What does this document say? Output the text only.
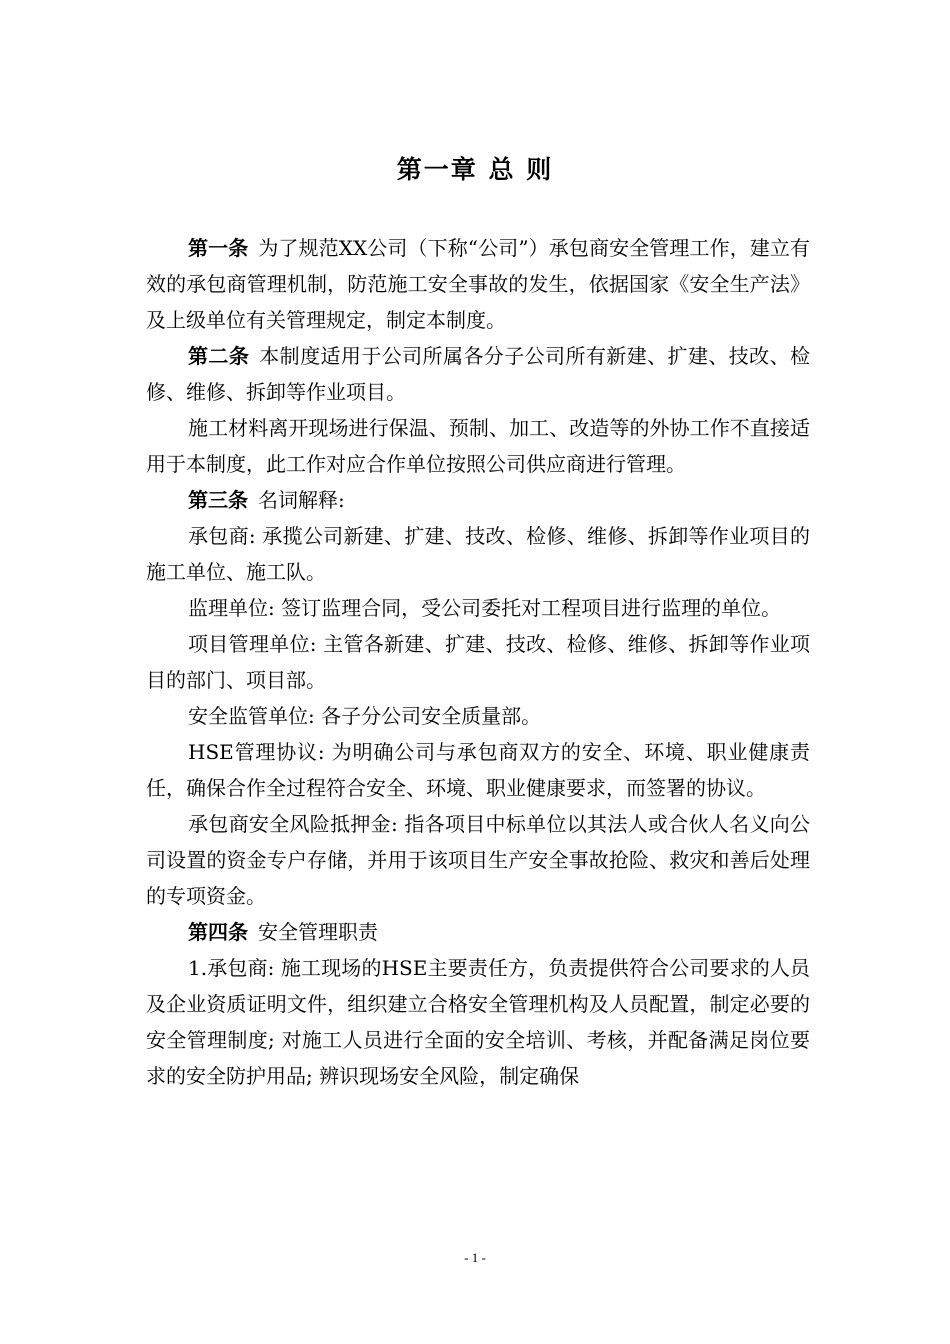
第一章 总 则

第一条 为了规范XX公司（下称“公司”）承包商安全管理工作，建立有效的承包商管理机制，防范施工安全事故的发生，依据国家《安全生产法》及上级单位有关管理规定，制定本制度。

第二条 本制度适用于公司所属各分子公司所有新建、扩建、技改、检修、维修、拆卸等作业项目。

施工材料离开现场进行保温、预制、加工、改造等的外协工作不直接适用于本制度，此工作对应合作单位按照公司供应商进行管理。

第三条 名词解释:

承包商: 承揽公司新建、扩建、技改、检修、维修、拆卸等作业项目的施工单位、施工队。

监理单位: 签订监理合同，受公司委托对工程项目进行监理的单位。

项目管理单位: 主管各新建、扩建、技改、检修、维修、拆卸等作业项目的部门、项目部。

安全监管单位: 各子分公司安全质量部。

HSE管理协议: 为明确公司与承包商双方的安全、环境、职业健康责任，确保合作全过程符合安全、环境、职业健康要求，而签署的协议。

承包商安全风险抵押金: 指各项目中标单位以其法人或合伙人名义向公司设置的资金专户存储，并用于该项目生产安全事故抢险、救灾和善后处理的专项资金。

第四条 安全管理职责

1.承包商: 施工现场的HSE主要责任方，负责提供符合公司要求的人员及企业资质证明文件，组织建立合格安全管理机构及人员配置，制定必要的安全管理制度; 对施工人员进行全面的安全培训、考核，并配备满足岗位要求的安全防护用品; 辨识现场安全风险，制定确保

- 1 -
